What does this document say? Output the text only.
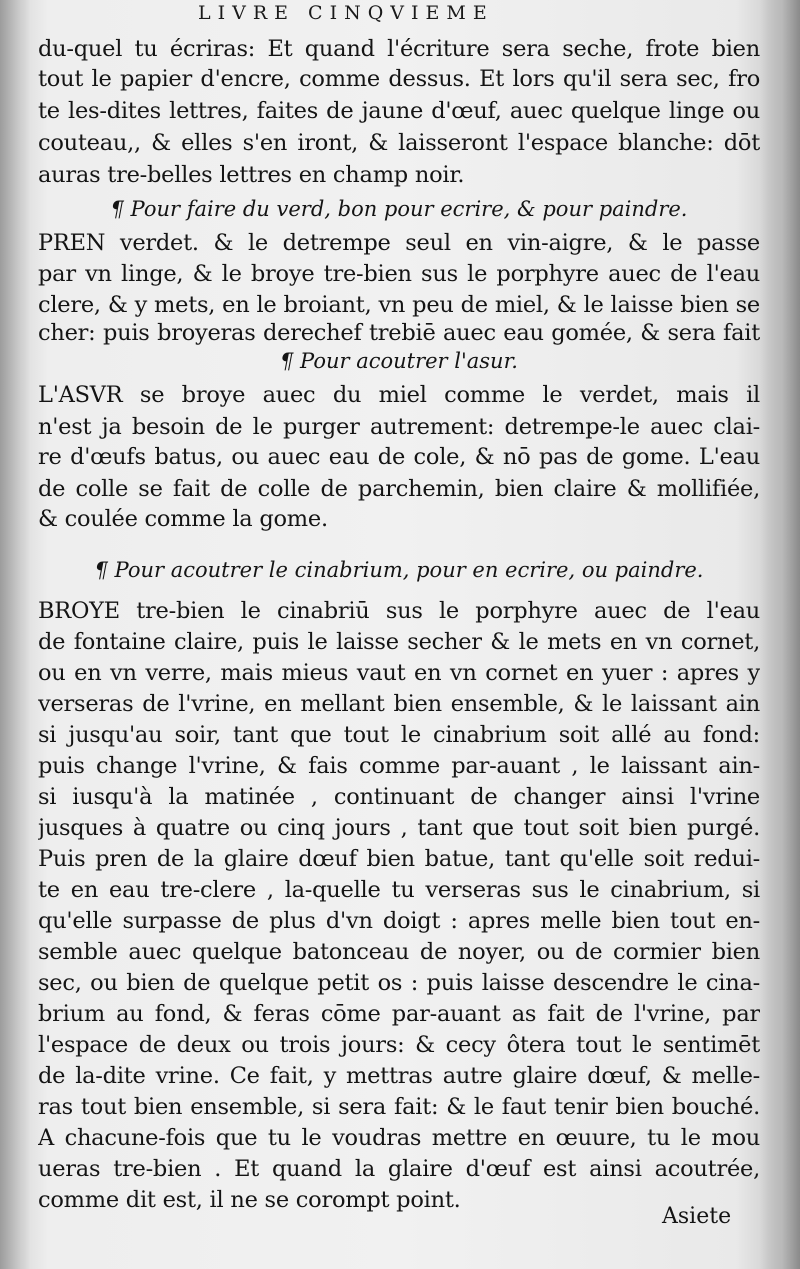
LIVRE CINQVIEME
du-quel tu écriras: Et quand l'écriture sera seche, frote bien
tout le papier d'encre, comme dessus. Et lors qu'il sera sec, fro
te les-dites lettres, faites de jaune d'œuf, auec quelque linge ou
couteau,, & elles s'en iront, & laisseront l'espace blanche: dōt
auras tre-belles lettres en champ noir.
¶ Pour faire du verd, bon pour ecrire, & pour paindre.
PREN verdet. & le detrempe seul en vin-aigre, & le passe
par vn linge, & le broye tre-bien sus le porphyre auec de l'eau
clere, & y mets, en le broiant, vn peu de miel, & le laisse bien se
cher: puis broyeras derechef trebiē auec eau gomée, & sera fait
¶ Pour acoutrer l'asur.
L'ASVR se broye auec du miel comme le verdet, mais il
n'est ja besoin de le purger autrement: detrempe-le auec clai-
re d'œufs batus, ou auec eau de cole, & nō pas de gome. L'eau
de colle se fait de colle de parchemin, bien claire & mollifiée,
& coulée comme la gome.
¶ Pour acoutrer le cinabrium, pour en ecrire, ou paindre.
BROYE tre-bien le cinabriū sus le porphyre auec de l'eau
de fontaine claire, puis le laisse secher & le mets en vn cornet,
ou en vn verre, mais mieus vaut en vn cornet en yuer : apres y
verseras de l'vrine, en mellant bien ensemble, & le laissant ain
si jusqu'au soir, tant que tout le cinabrium soit allé au fond:
puis change l'vrine, & fais comme par-auant , le laissant ain-
si iusqu'à la matinée , continuant de changer ainsi l'vrine
jusques à quatre ou cinq jours , tant que tout soit bien purgé.
Puis pren de la glaire dœuf bien batue, tant qu'elle soit redui-
te en eau tre-clere , la-quelle tu verseras sus le cinabrium, si
qu'elle surpasse de plus d'vn doigt : apres melle bien tout en-
semble auec quelque batonceau de noyer, ou de cormier bien
sec, ou bien de quelque petit os : puis laisse descendre le cina-
brium au fond, & feras cōme par-auant as fait de l'vrine, par
l'espace de deux ou trois jours: & cecy ôtera tout le sentimēt
de la-dite vrine. Ce fait, y mettras autre glaire dœuf, & melle-
ras tout bien ensemble, si sera fait: & le faut tenir bien bouché.
A chacune-fois que tu le voudras mettre en œuure, tu le mou
ueras tre-bien . Et quand la glaire d'œuf est ainsi acoutrée,
comme dit est, il ne se corompt point.
Asiete
